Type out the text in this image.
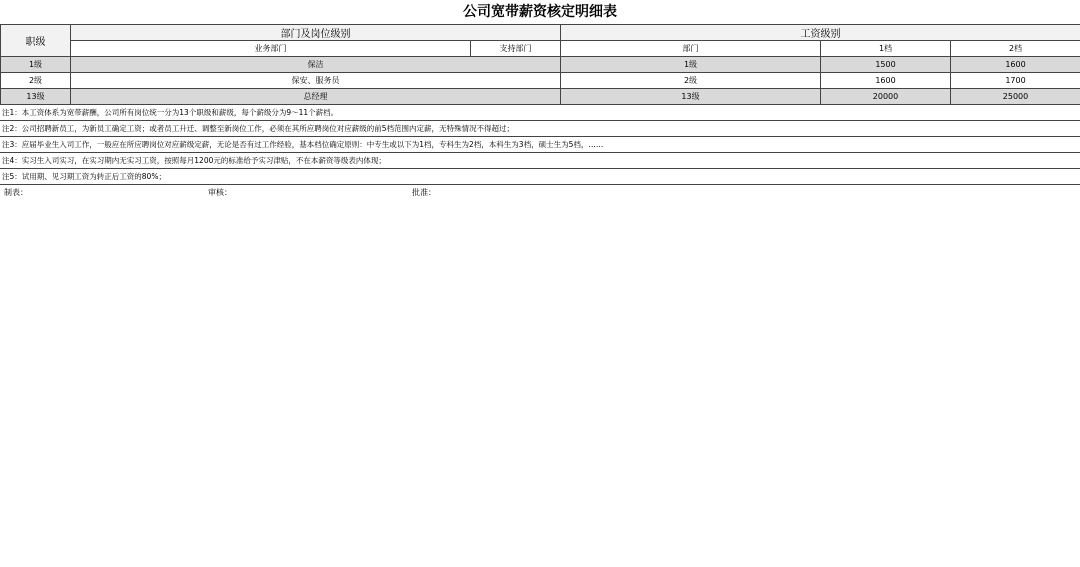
公司宽带薪资核定明细表
职级	部门及岗位级别		工资级别		
	业务部门	支持部门	部门	1档	2档
1级	保洁		1级	1500	1600
2级	保安、服务员		2级	1600	1700
13级	总经理		13级	20000	25000
注1：本工资体系为宽带薪酬，公司所有岗位统一分为13个职级和薪级，每个薪级分为9～11个薪档。
注2：公司招聘新员工，为新员工确定工资；或者员工升迁、调整至新岗位工作，必须在其所应聘岗位对应薪级的前5档范围内定薪，无特殊情况不得超过；
注3：应届毕业生入司工作，一般应在所应聘岗位对应薪级定薪，无论是否有过工作经验，基本档位确定原则：中专生或以下为1档，专科生为2档，本科生为3档，硕士生为5档，……
注4：实习生入司实习，在实习期内无实习工资，按照每月1200元的标准给予实习津贴，不在本薪资等级表内体现；
注5：试用期、见习期工资为转正后工资的80%；
制表：	审核：	批准：
